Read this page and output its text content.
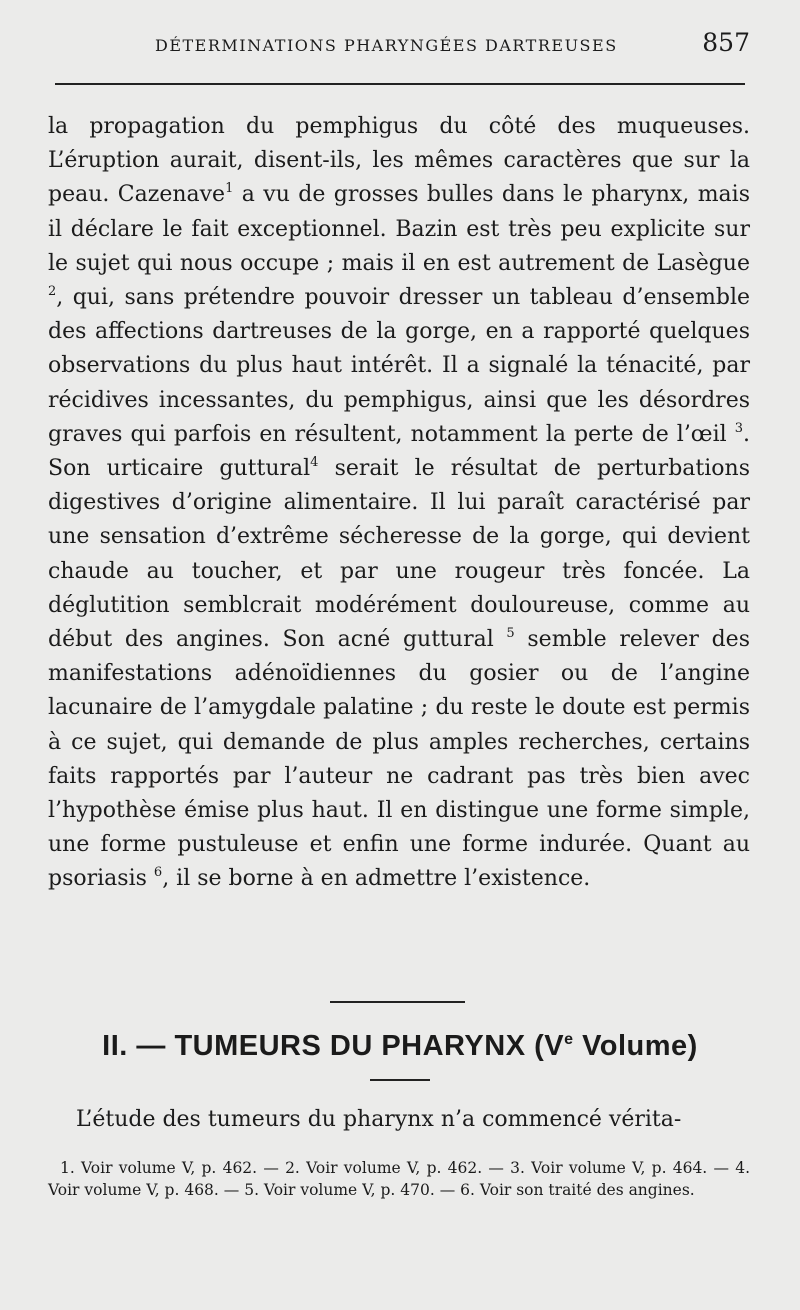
DÉTERMINATIONS PHARYNGÉES DARTREUSES	857

la propagation du pemphigus du côté des muqueuses. L’éruption aurait, disent-ils, les mêmes caractères que sur la peau. Cazenave$^1$ a vu de grosses bulles dans le pharynx, mais il déclare le fait exceptionnel. Bazin est très peu explicite sur le sujet qui nous occupe ; mais il en est autrement de Lasègue $^2$, qui, sans prétendre pouvoir dresser un tableau d’ensemble des affections dartreuses de la gorge, en a rapporté quelques observations du plus haut intérêt. Il a signalé la ténacité, par récidives incessantes, du pemphigus, ainsi que les désordres graves qui parfois en résultent, notamment la perte de l’œil $^3$. Son urticaire guttural$^4$ serait le résultat de perturbations digestives d’origine alimentaire. Il lui paraît caractérisé par une sensation d’extrême sécheresse de la gorge, qui devient chaude au toucher, et par une rougeur très foncée. La déglutition semblcrait modérément douloureuse, comme au début des angines. Son acné guttural $^5$ semble relever des manifestations adénoïdiennes du gosier ou de l’angine lacunaire de l’amygdale palatine ; du reste le doute est permis à ce sujet, qui demande de plus amples recherches, certains faits rapportés par l’auteur ne cadrant pas très bien avec l’hypothèse émise plus haut. Il en distingue une forme simple, une forme pustuleuse et enfin une forme indurée. Quant au psoriasis $^6$, il se borne à en admettre l’existence.

II. — TUMEURS DU PHARYNX (Ve Volume)

L’étude des tumeurs du pharynx n’a commencé vérita-

1. Voir volume V, p. 462. — 2. Voir volume V, p. 462. — 3. Voir volume V, p. 464. — 4. Voir volume V, p. 468. — 5. Voir volume V, p. 470. — 6. Voir son traité des angines.
